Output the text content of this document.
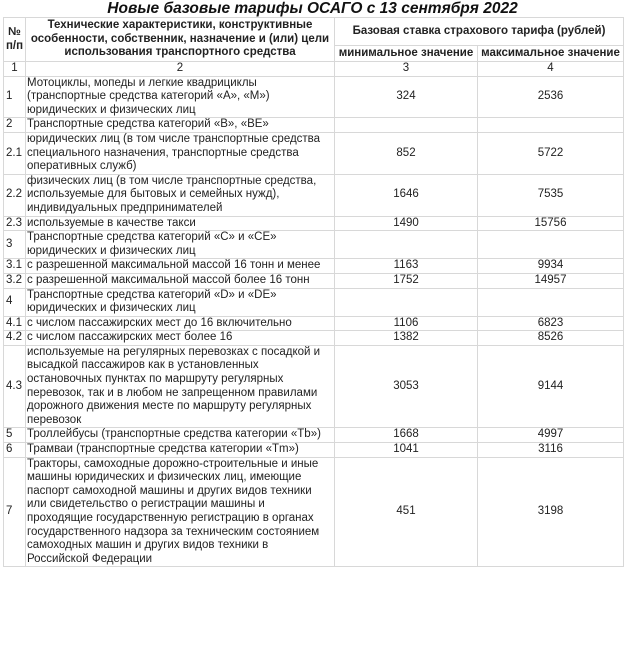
Новые базовые тарифы ОСАГО с 13 сентября 2022
№ п/п	Технические характеристики, конструктивные особенности, собственник, назначение и (или) цели использования транспортного средства	Базовая ставка страхового тарифа (рублей)	
		минимальное значение	максимальное значение
1	2	3	4
1	Мотоциклы, мопеды и легкие квадрициклы (транспортные средства категорий «А», «М») юридических и физических лиц	324	2536
2	Транспортные средства категорий «B», «BE»		
2.1	юридических лиц (в том числе транспортные средства специального назначения, транспортные средства оперативных служб)	852	5722
2.2	физических лиц (в том числе транспортные средства, используемые для бытовых и семейных нужд), индивидуальных предпринимателей	1646	7535
2.3	используемые в качестве такси	1490	15756
3	Транспортные средства категорий «C» и «CE» юридических и физических лиц		
3.1	с разрешенной максимальной массой 16 тонн и менее	1163	9934
3.2	с разрешенной максимальной массой более 16 тонн	1752	14957
4	Транспортные средства категорий «D» и «DE» юридических и физических лиц		
4.1	с числом пассажирских мест до 16 включительно	1106	6823
4.2	с числом пассажирских мест более 16	1382	8526
4.3	используемые на регулярных перевозках с посадкой и высадкой пассажиров как в установленных остановочных пунктах по маршруту регулярных перевозок, так и в любом не запрещенном правилами дорожного движения месте по маршруту регулярных перевозок	3053	9144
5	Троллейбусы (транспортные средства категории «Tb»)	1668	4997
6	Трамваи (транспортные средства категории «Tm»)	1041	3116
7	Тракторы, самоходные дорожно-строительные и иные машины юридических и физических лиц, имеющие паспорт самоходной машины и других видов техники или свидетельство о регистрации машины и проходящие государственную регистрацию в органах государственного надзора за техническим состоянием самоходных машин и других видов техники в Российской Федерации	451	3198
